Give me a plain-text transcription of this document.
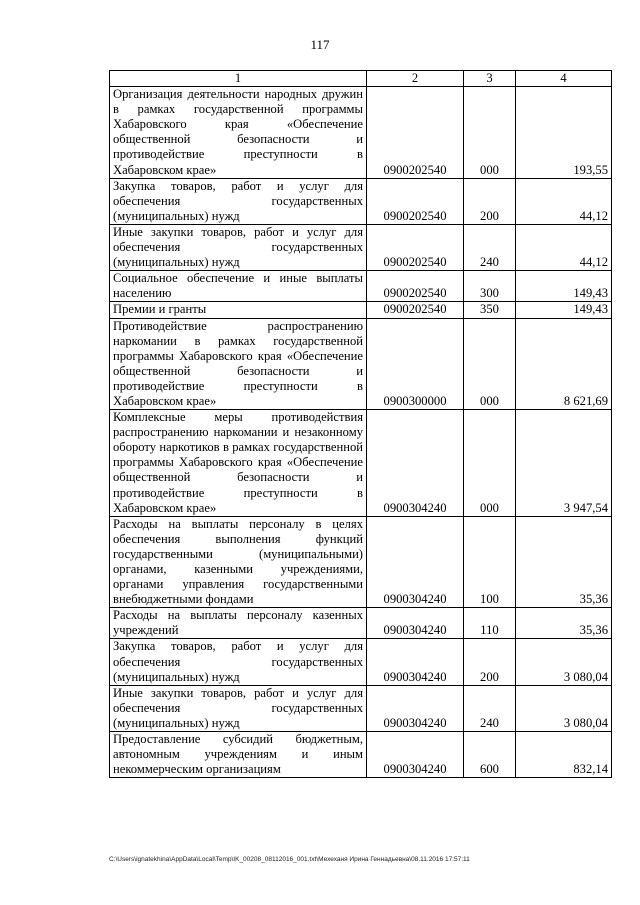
117
1	2	3	4
Организация деятельности народных дружин в рамках государственной программы Хабаровского края «Обеспечение общественной безопасности и противодействие преступности в Хабаровском крае»	0900202540	000	193,55
Закупка товаров, работ и услуг для обеспечения государственных (муниципальных) нужд	0900202540	200	44,12
Иные закупки товаров, работ и услуг для обеспечения государственных (муниципальных) нужд	0900202540	240	44,12
Социальное обеспечение и иные выплаты населению	0900202540	300	149,43
Премии и гранты	0900202540	350	149,43
Противодействие распространению наркомании в рамках государственной программы Хабаровского края «Обеспечение общественной безопасности и противодействие преступности в Хабаровском крае»	0900300000	000	8 621,69
Комплексные меры противодействия распространению наркомании и незаконному обороту наркотиков в рамках государственной программы Хабаровского края «Обеспечение общественной безопасности и противодействие преступности в Хабаровском крае»	0900304240	000	3 947,54
Расходы на выплаты персоналу в целях обеспечения выполнения функций государственными (муниципальными) органами, казенными учреждениями, органами управления государственными внебюджетными фондами	0900304240	100	35,36
Расходы на выплаты персоналу казенных учреждений	0900304240	110	35,36
Закупка товаров, работ и услуг для обеспечения государственных (муниципальных) нужд	0900304240	200	3 080,04
Иные закупки товаров, работ и услуг для обеспечения государственных (муниципальных) нужд	0900304240	240	3 080,04
Предоставление субсидий бюджетным, автономным учреждениям и иным некоммерческим организациям	0900304240	600	832,14
C:\Users\ignatekhina\AppData\Local\Temp\IK_00208_08112016_001.txt\Мехеханя Ирина Геннадьевна\08.11.2016 17:57:11
